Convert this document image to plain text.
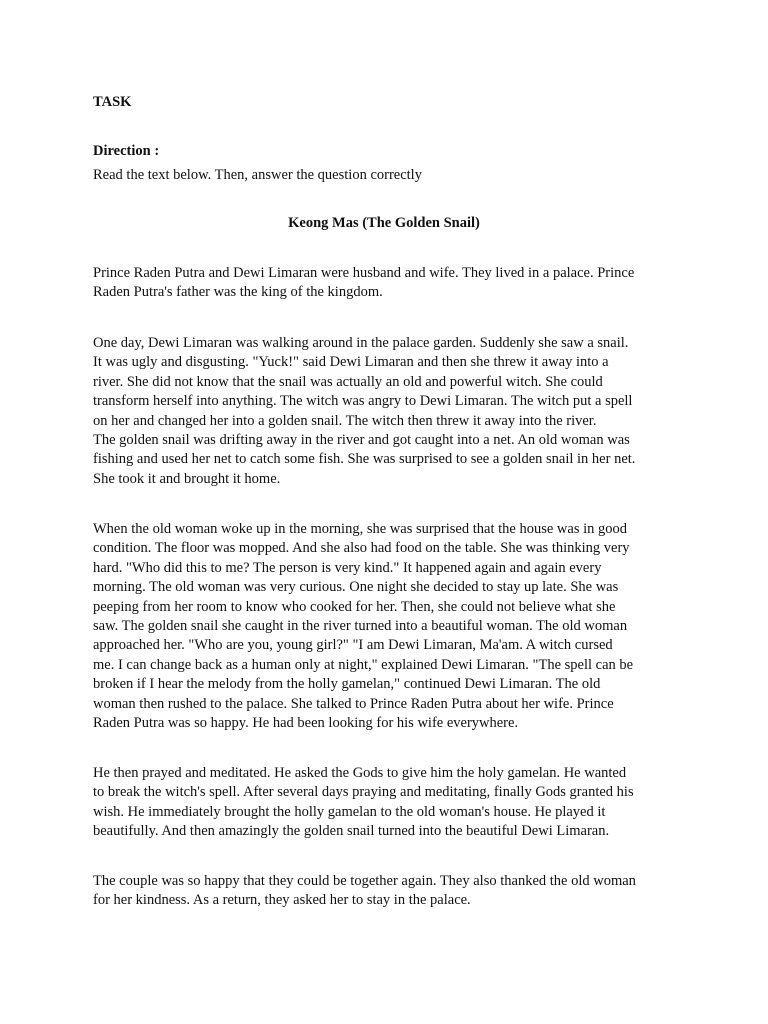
TASK
Direction :
Read the text below. Then, answer the question correctly
Keong Mas (The Golden Snail)

Prince Raden Putra and Dewi Limaran were husband and wife. They lived in a palace. Prince
Raden Putra's father was the king of the kingdom.

One day, Dewi Limaran was walking around in the palace garden. Suddenly she saw a snail.
It was ugly and disgusting. "Yuck!" said Dewi Limaran and then she threw it away into a
river. She did not know that the snail was actually an old and powerful witch. She could
transform herself into anything. The witch was angry to Dewi Limaran. The witch put a spell
on her and changed her into a golden snail. The witch then threw it away into the river.
The golden snail was drifting away in the river and got caught into a net. An old woman was
fishing and used her net to catch some fish. She was surprised to see a golden snail in her net.
She took it and brought it home.

When the old woman woke up in the morning, she was surprised that the house was in good
condition. The floor was mopped. And she also had food on the table. She was thinking very
hard. "Who did this to me? The person is very kind." It happened again and again every
morning. The old woman was very curious. One night she decided to stay up late. She was
peeping from her room to know who cooked for her. Then, she could not believe what she
saw. The golden snail she caught in the river turned into a beautiful woman. The old woman
approached her. "Who are you, young girl?" "I am Dewi Limaran, Ma'am. A witch cursed
me. I can change back as a human only at night," explained Dewi Limaran. "The spell can be
broken if I hear the melody from the holly gamelan," continued Dewi Limaran. The old
woman then rushed to the palace. She talked to Prince Raden Putra about her wife. Prince
Raden Putra was so happy. He had been looking for his wife everywhere.

He then prayed and meditated. He asked the Gods to give him the holy gamelan. He wanted
to break the witch's spell. After several days praying and meditating, finally Gods granted his
wish. He immediately brought the holly gamelan to the old woman's house. He played it
beautifully. And then amazingly the golden snail turned into the beautiful Dewi Limaran.

The couple was so happy that they could be together again. They also thanked the old woman
for her kindness. As a return, they asked her to stay in the palace.
